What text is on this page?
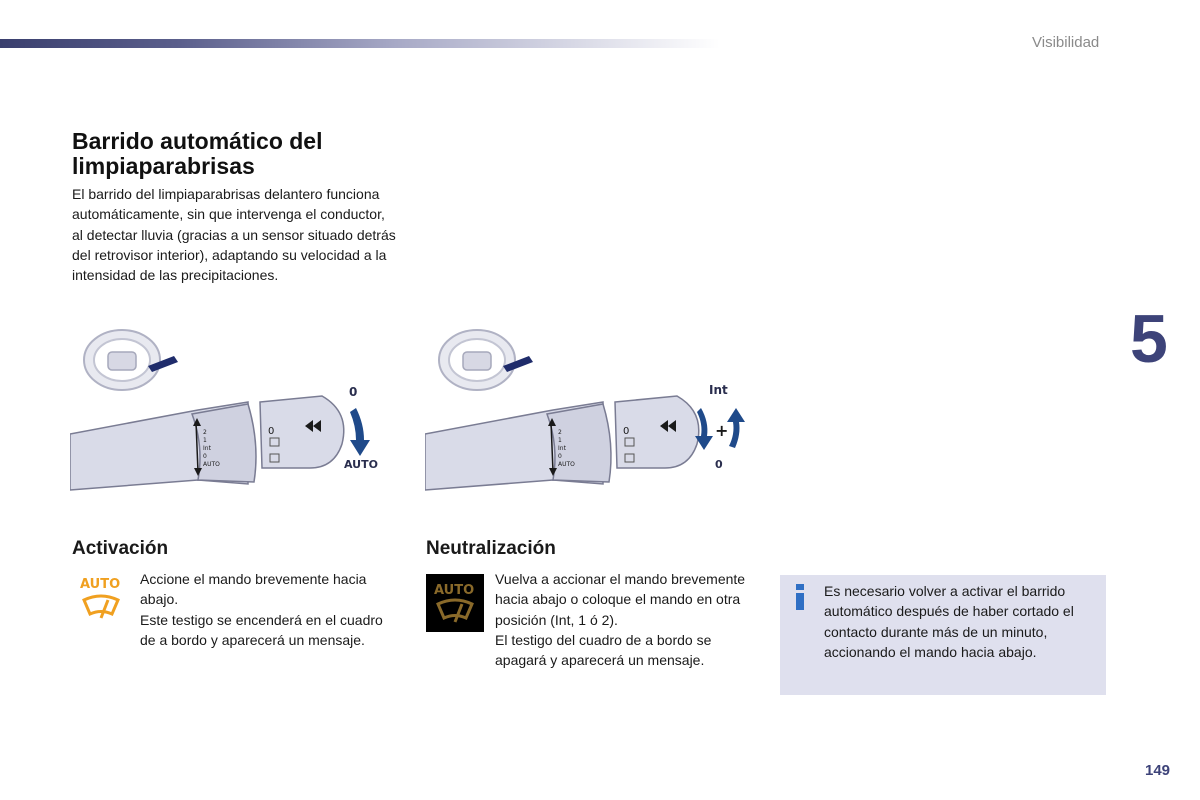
Visibilidad
5
Barrido automático del limpiaparabrisas
El barrido del limpiaparabrisas delantero funciona automáticamente, sin que intervenga el conductor, al detectar lluvia (gracias a un sensor situado detrás del retrovisor interior), adaptando su velocidad a la intensidad de las precipitaciones.
2
1
Int
0
AUTO
0
0
AUTO
2
1
Int
0
AUTO
0
Int
+
0
Activación	Neutralización
AUTO	AUTO
Accione el mando brevemente hacia abajo.
Este testigo se encenderá en el cuadro de a bordo y aparecerá un mensaje.
Vuelva a accionar el mando brevemente hacia abajo o coloque el mando en otra posición (Int, 1 ó 2).
El testigo del cuadro de a bordo se apagará y aparecerá un mensaje.
Es necesario volver a activar el barrido automático después de haber cortado el contacto durante más de un minuto, accionando el mando hacia abajo.
149
